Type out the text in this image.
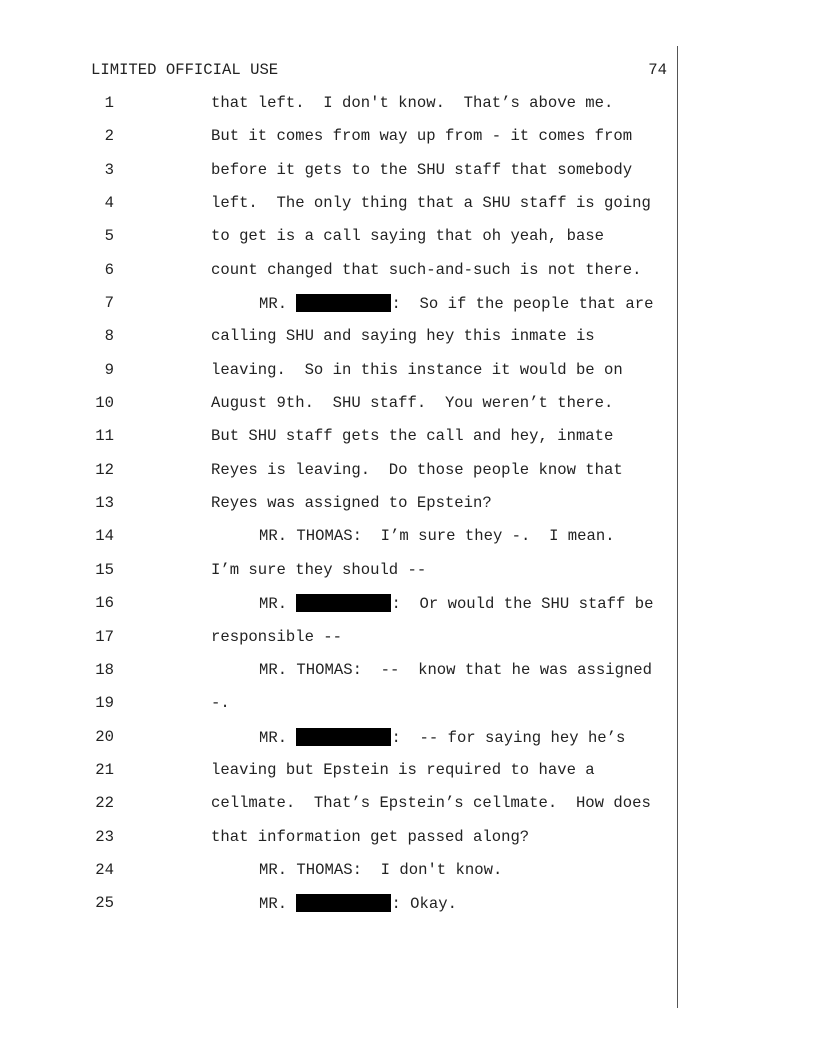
LIMITED OFFICIAL USE	74
1	that left.  I don't know.  That’s above me.
2	But it comes from way up from - it comes from
3	before it gets to the SHU staff that somebody
4	left.  The only thing that a SHU staff is going
5	to get is a call saying that oh yeah, base
6	count changed that such-and-such is not there.
7	MR.	:  So if the people that are
8	calling SHU and saying hey this inmate is
9	leaving.  So in this instance it would be on
10	August 9th.  SHU staff.  You weren’t there.
11	But SHU staff gets the call and hey, inmate
12	Reyes is leaving.  Do those people know that
13	Reyes was assigned to Epstein?
14	MR. THOMAS:  I’m sure they -.  I mean.
15	I’m sure they should --
16	MR.	:  Or would the SHU staff be
17	responsible --
18	MR. THOMAS:  --  know that he was assigned
19	-.
20	MR.	:  -- for saying hey he’s
21	leaving but Epstein is required to have a
22	cellmate.  That’s Epstein’s cellmate.  How does
23	that information get passed along?
24	MR. THOMAS:  I don't know.
25	MR.	: Okay.
